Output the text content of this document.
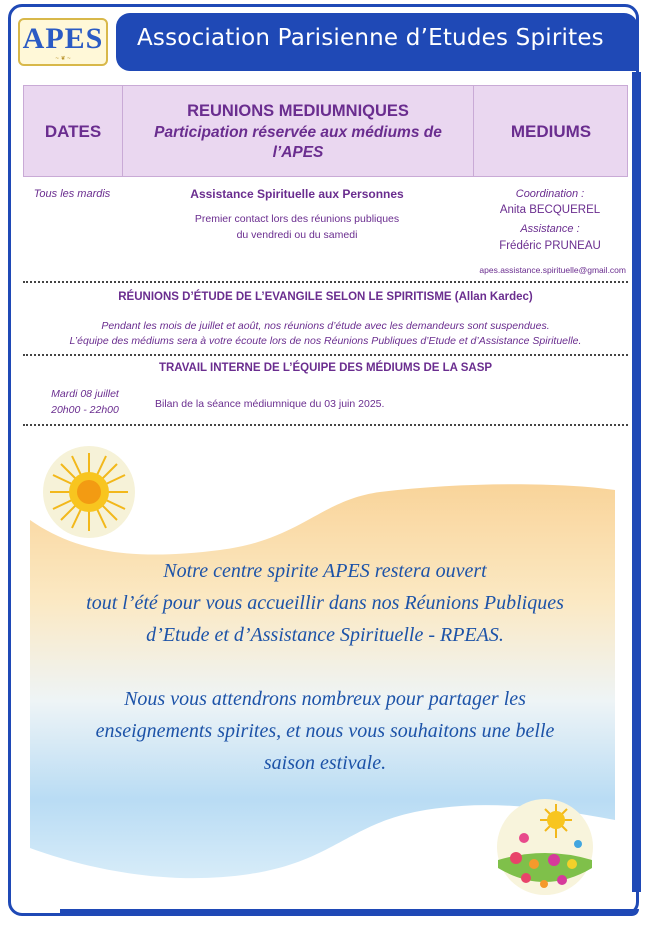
APES
~ ❦ ~
Association Parisienne d’Etudes Spirites
DATES
REUNIONS MEDIUMNIQUES
Participation réservée aux médiums de l’APES
MEDIUMS
Tous les mardis	Assistance Spirituelle aux Personnes
Premier contact lors des réunions publiques
du vendredi ou du samedi
Coordination :
Anita BECQUEREL
Assistance :
Frédéric PRUNEAU
apes.assistance.spirituelle@gmail.com
RÉUNIONS D’ÉTUDE DE L’EVANGILE SELON LE SPIRITISME (Allan Kardec)
Pendant les mois de juillet et août, nos réunions d’étude avec les demandeurs sont suspendues.
L’équipe des médiums sera à votre écoute lors de nos Réunions Publiques d’Etude et d’Assistance Spirituelle.
TRAVAIL INTERNE DE L’ÉQUIPE DES MÉDIUMS DE LA SASP
Mardi 08 juillet
20h00 - 22h00	Bilan de la séance médiumnique du 03 juin 2025.
Notre centre spirite APES restera ouvert
tout l’été pour vous accueillir dans nos Réunions Publiques
d’Etude et d’Assistance Spirituelle - RPEAS.
Nous vous attendrons nombreux pour partager les
enseignements spirites, et nous vous souhaitons une belle
saison estivale.
